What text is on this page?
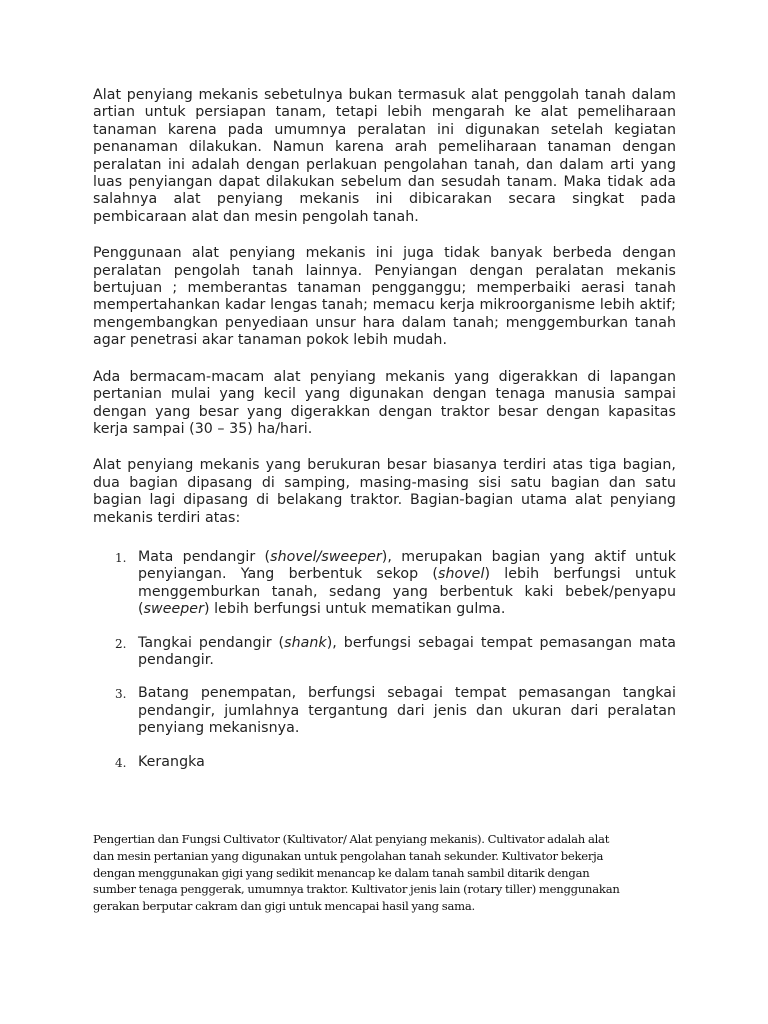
Alat penyiang mekanis sebetulnya bukan termasuk alat penggolah tanah dalam artian untuk persiapan tanam, tetapi lebih mengarah ke alat pemeliharaan tanaman karena pada umumnya peralatan ini digunakan setelah kegiatan penanaman dilakukan. Namun karena arah pemeliharaan tanaman dengan peralatan ini adalah dengan perlakuan pengolahan tanah, dan dalam arti yang luas penyiangan dapat dilakukan sebelum dan sesudah tanam. Maka tidak ada salahnya alat penyiang mekanis ini dibicarakan secara singkat pada pembicaraan alat dan mesin pengolah tanah.

Penggunaan alat penyiang mekanis ini juga tidak banyak berbeda dengan peralatan pengolah tanah lainnya. Penyiangan dengan peralatan mekanis bertujuan ; memberantas tanaman pengganggu; memperbaiki aerasi tanah mempertahankan kadar lengas tanah; memacu kerja mikroorganisme lebih aktif; mengembangkan penyediaan unsur hara dalam tanah; menggemburkan tanah agar penetrasi akar tanaman pokok lebih mudah.

Ada bermacam-macam alat penyiang mekanis yang digerakkan di lapangan pertanian mulai yang kecil yang digunakan dengan tenaga manusia sampai dengan yang besar yang digerakkan dengan traktor besar dengan kapasitas kerja sampai (30 – 35) ha/hari.

Alat penyiang mekanis yang berukuran besar biasanya terdiri atas tiga bagian, dua bagian dipasang di samping, masing-masing sisi satu bagian dan satu bagian lagi dipasang di belakang traktor. Bagian-bagian utama alat penyiang mekanis terdiri atas:

1. Mata pendangir (shovel/sweeper), merupakan bagian yang aktif untuk penyiangan. Yang berbentuk sekop (shovel) lebih berfungsi untuk menggemburkan tanah, sedang yang berbentuk kaki bebek/penyapu (sweeper) lebih berfungsi untuk mematikan gulma.
2. Tangkai pendangir (shank), berfungsi sebagai tempat pemasangan mata pendangir.
3. Batang penempatan, berfungsi sebagai tempat pemasangan tangkai pendangir, jumlahnya tergantung dari jenis dan ukuran dari peralatan penyiang mekanisnya.
4. Kerangka
Pengertian dan Fungsi Cultivator (Kultivator/ Alat penyiang mekanis). Cultivator adalah alat
dan mesin pertanian yang digunakan untuk pengolahan tanah sekunder. Kultivator bekerja
dengan menggunakan gigi yang sedikit menancap ke dalam tanah sambil ditarik dengan
sumber tenaga penggerak, umumnya traktor. Kultivator jenis lain (rotary tiller) menggunakan
gerakan berputar cakram dan gigi untuk mencapai hasil yang sama.
